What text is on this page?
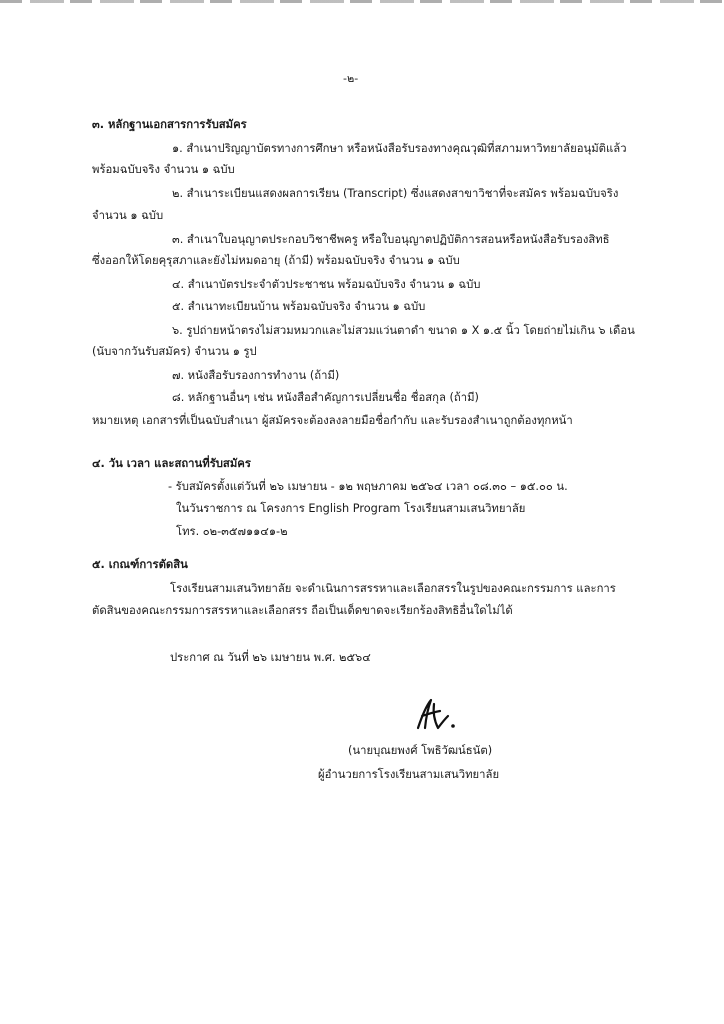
-๒-
๓. หลักฐานเอกสารการรับสมัคร
๑. สำเนาปริญญาบัตรทางการศึกษา หรือหนังสือรับรองทางคุณวุฒิที่สภามหาวิทยาลัยอนุมัติแล้ว
พร้อมฉบับจริง จำนวน ๑ ฉบับ
๒. สำเนาระเบียนแสดงผลการเรียน (Transcript) ซึ่งแสดงสาขาวิชาที่จะสมัคร พร้อมฉบับจริง
จำนวน ๑ ฉบับ
๓. สำเนาใบอนุญาตประกอบวิชาชีพครู หรือใบอนุญาตปฏิบัติการสอนหรือหนังสือรับรองสิทธิ
ซึ่งออกให้โดยคุรุสภาและยังไม่หมดอายุ (ถ้ามี) พร้อมฉบับจริง จำนวน ๑ ฉบับ
๔. สำเนาบัตรประจำตัวประชาชน พร้อมฉบับจริง จำนวน ๑ ฉบับ
๕. สำเนาทะเบียนบ้าน พร้อมฉบับจริง จำนวน ๑ ฉบับ
๖. รูปถ่ายหน้าตรงไม่สวมหมวกและไม่สวมแว่นตาดำ ขนาด ๑ X ๑.๕ นิ้ว โดยถ่ายไม่เกิน ๖ เดือน
(นับจากวันรับสมัคร) จำนวน ๑ รูป
๗. หนังสือรับรองการทำงาน (ถ้ามี)
๘. หลักฐานอื่นๆ เช่น หนังสือสำคัญการเปลี่ยนชื่อ ชื่อสกุล (ถ้ามี)
หมายเหตุ เอกสารที่เป็นฉบับสำเนา ผู้สมัครจะต้องลงลายมือชื่อกำกับ และรับรองสำเนาถูกต้องทุกหน้า
๔. วัน เวลา และสถานที่รับสมัคร
- รับสมัครตั้งแต่วันที่ ๒๖ เมษายน - ๑๒ พฤษภาคม ๒๕๖๔ เวลา ๐๘.๓๐ – ๑๕.๐๐ น.
ในวันราชการ ณ โครงการ English Program โรงเรียนสามเสนวิทยาลัย
โทร. ๐๒-๓๕๗๑๑๔๑-๒
๕. เกณฑ์การตัดสิน
โรงเรียนสามเสนวิทยาลัย จะดำเนินการสรรหาและเลือกสรรในรูปของคณะกรรมการ และการ
ตัดสินของคณะกรรมการสรรหาและเลือกสรร ถือเป็นเด็ดขาดจะเรียกร้องสิทธิอื่นใดไม่ได้
ประกาศ ณ วันที่ ๒๖ เมษายน พ.ศ. ๒๕๖๔
(นายบุณยพงศ์ โพธิวัฒน์ธนัต)
ผู้อำนวยการโรงเรียนสามเสนวิทยาลัย
